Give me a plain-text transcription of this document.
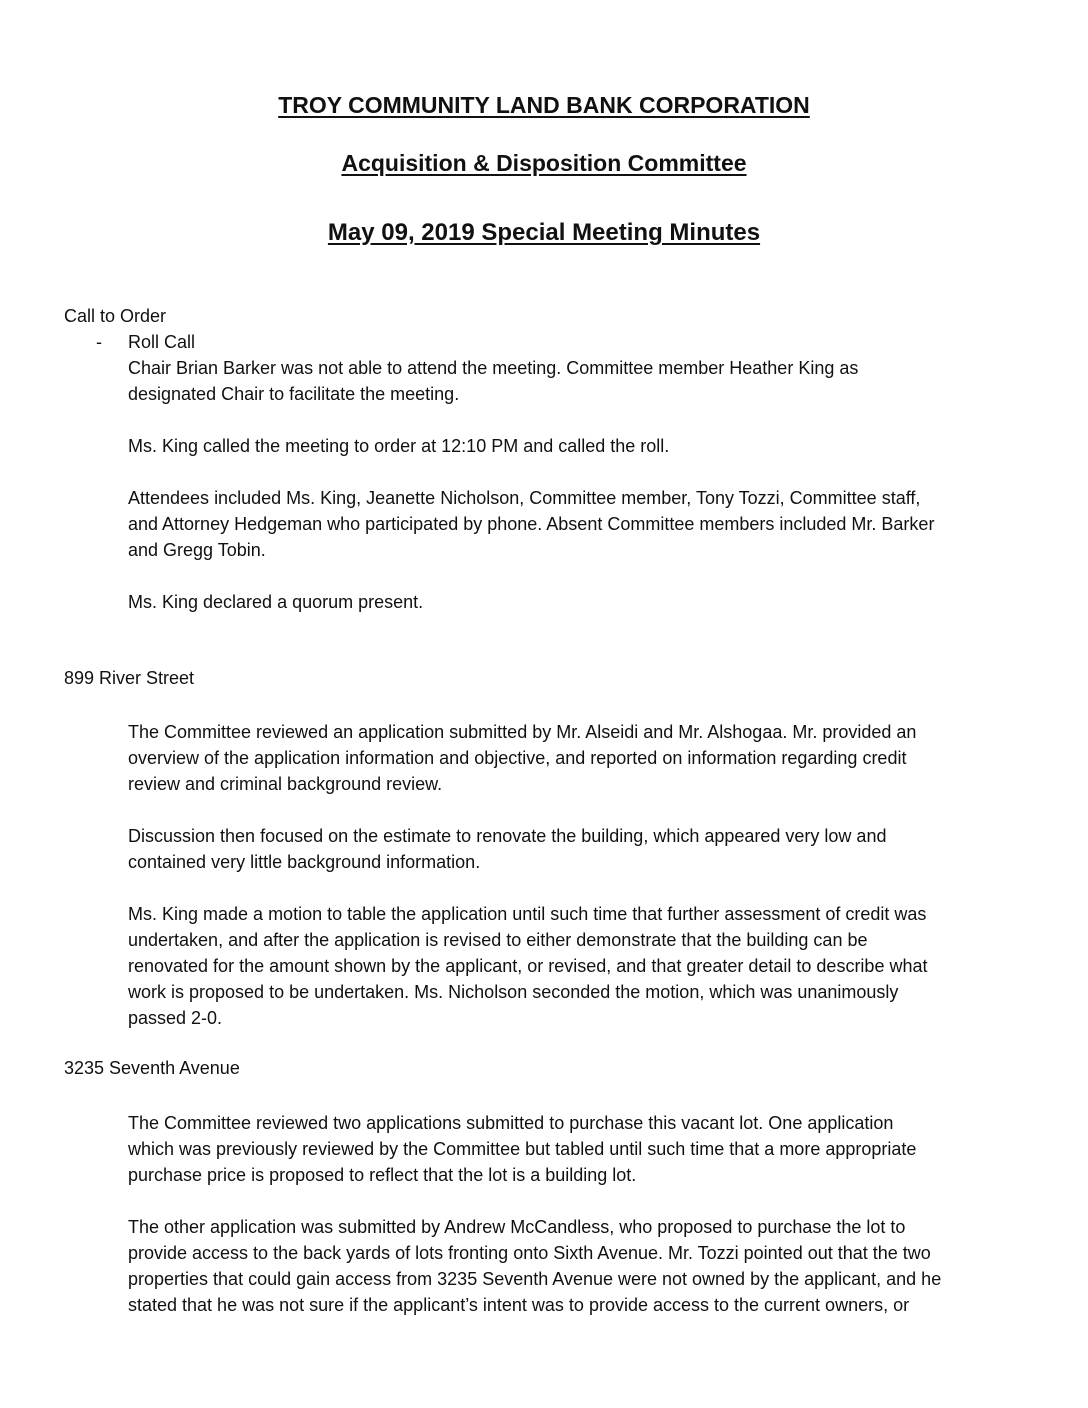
TROY COMMUNITY LAND BANK CORPORATION
Acquisition & Disposition Committee
May 09, 2019 Special Meeting Minutes
Call to Order
- Roll Call
Chair Brian Barker was not able to attend the meeting. Committee member Heather King as
designated Chair to facilitate the meeting.
Ms. King called the meeting to order at 12:10 PM and called the roll.
Attendees included Ms. King, Jeanette Nicholson, Committee member, Tony Tozzi, Committee staff,
and Attorney Hedgeman who participated by phone. Absent Committee members included Mr. Barker
and Gregg Tobin.
Ms. King declared a quorum present.
899 River Street
The Committee reviewed an application submitted by Mr. Alseidi and Mr. Alshogaa. Mr. provided an
overview of the application information and objective, and reported on information regarding credit
review and criminal background review.
Discussion then focused on the estimate to renovate the building, which appeared very low and
contained very little background information.
Ms. King made a motion to table the application until such time that further assessment of credit was
undertaken, and after the application is revised to either demonstrate that the building can be
renovated for the amount shown by the applicant, or revised, and that greater detail to describe what
work is proposed to be undertaken. Ms. Nicholson seconded the motion, which was unanimously
passed 2-0.
3235 Seventh Avenue
The Committee reviewed two applications submitted to purchase this vacant lot. One application
which was previously reviewed by the Committee but tabled until such time that a more appropriate
purchase price is proposed to reflect that the lot is a building lot.
The other application was submitted by Andrew McCandless, who proposed to purchase the lot to
provide access to the back yards of lots fronting onto Sixth Avenue. Mr. Tozzi pointed out that the two
properties that could gain access from 3235 Seventh Avenue were not owned by the applicant, and he
stated that he was not sure if the applicant’s intent was to provide access to the current owners, or
